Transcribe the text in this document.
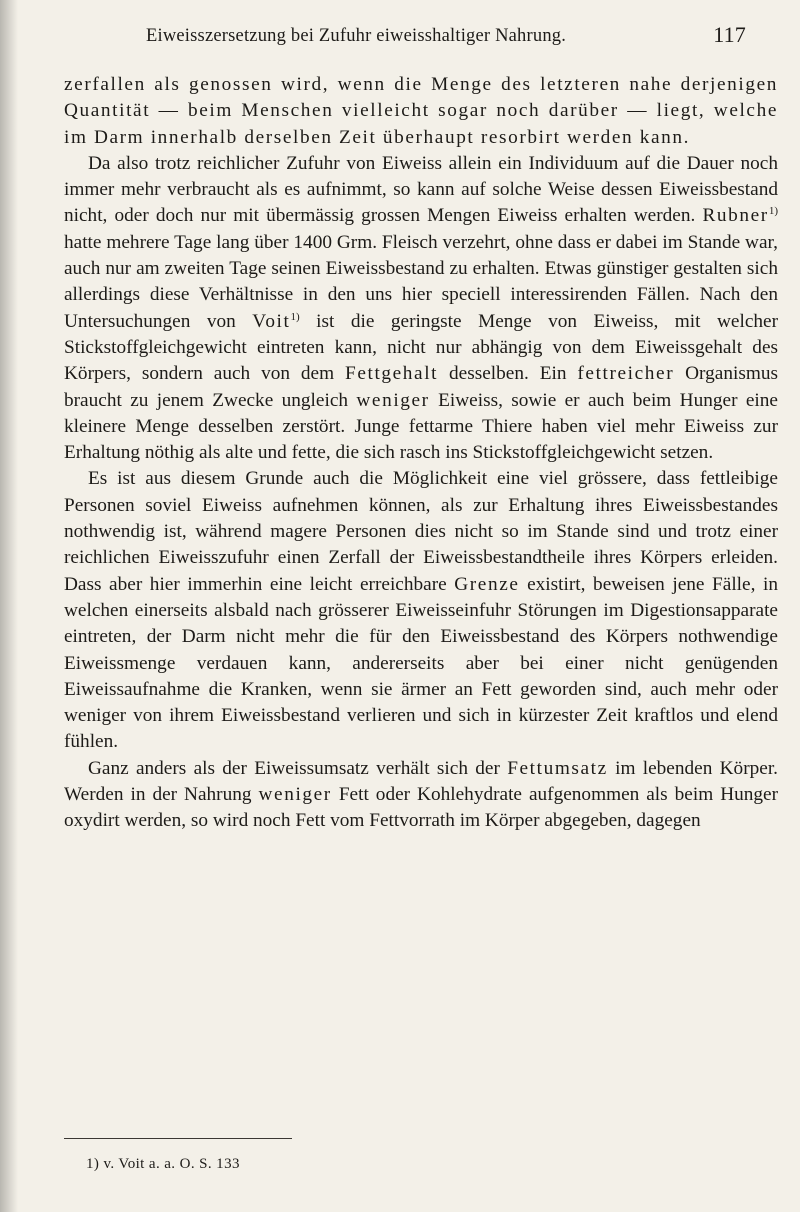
Eiweisszersetzung bei Zufuhr eiweisshaltiger Nahrung.	117

zerfallen als genossen wird, wenn die Menge des letzteren nahe derjenigen Quantität — beim Menschen vielleicht sogar noch darüber — liegt, welche im Darm innerhalb derselben Zeit überhaupt resorbirt werden kann.

Da also trotz reichlicher Zufuhr von Eiweiss allein ein Individuum auf die Dauer noch immer mehr verbraucht als es aufnimmt, so kann auf solche Weise dessen Eiweissbestand nicht, oder doch nur mit übermässig grossen Mengen Eiweiss erhalten werden. Rubner$^{1)}$ hatte mehrere Tage lang über 1400 Grm. Fleisch verzehrt, ohne dass er dabei im Stande war, auch nur am zweiten Tage seinen Eiweissbestand zu erhalten. Etwas günstiger gestalten sich allerdings diese Verhältnisse in den uns hier speciell interessirenden Fällen. Nach den Untersuchungen von Voit$^{1)}$ ist die geringste Menge von Eiweiss, mit welcher Stickstoffgleichgewicht eintreten kann, nicht nur abhängig von dem Eiweissgehalt des Körpers, sondern auch von dem Fettgehalt desselben. Ein fettreicher Organismus braucht zu jenem Zwecke ungleich weniger Eiweiss, sowie er auch beim Hunger eine kleinere Menge desselben zerstört. Junge fettarme Thiere haben viel mehr Eiweiss zur Erhaltung nöthig als alte und fette, die sich rasch ins Stickstoffgleichgewicht setzen.

Es ist aus diesem Grunde auch die Möglichkeit eine viel grössere, dass fettleibige Personen soviel Eiweiss aufnehmen können, als zur Erhaltung ihres Eiweissbestandes nothwendig ist, während magere Personen dies nicht so im Stande sind und trotz einer reichlichen Eiweisszufuhr einen Zerfall der Eiweissbestandtheile ihres Körpers erleiden. Dass aber hier immerhin eine leicht erreichbare Grenze existirt, beweisen jene Fälle, in welchen einerseits alsbald nach grösserer Eiweisseinfuhr Störungen im Digestionsapparate eintreten, der Darm nicht mehr die für den Eiweissbestand des Körpers nothwendige Eiweissmenge verdauen kann, andererseits aber bei einer nicht genügenden Eiweissaufnahme die Kranken, wenn sie ärmer an Fett geworden sind, auch mehr oder weniger von ihrem Eiweissbestand verlieren und sich in kürzester Zeit kraftlos und elend fühlen.

Ganz anders als der Eiweissumsatz verhält sich der Fettumsatz im lebenden Körper. Werden in der Nahrung weniger Fett oder Kohlehydrate aufgenommen als beim Hunger oxydirt werden, so wird noch Fett vom Fettvorrath im Körper abgegeben, dagegen

1) v. Voit a. a. O. S. 133
